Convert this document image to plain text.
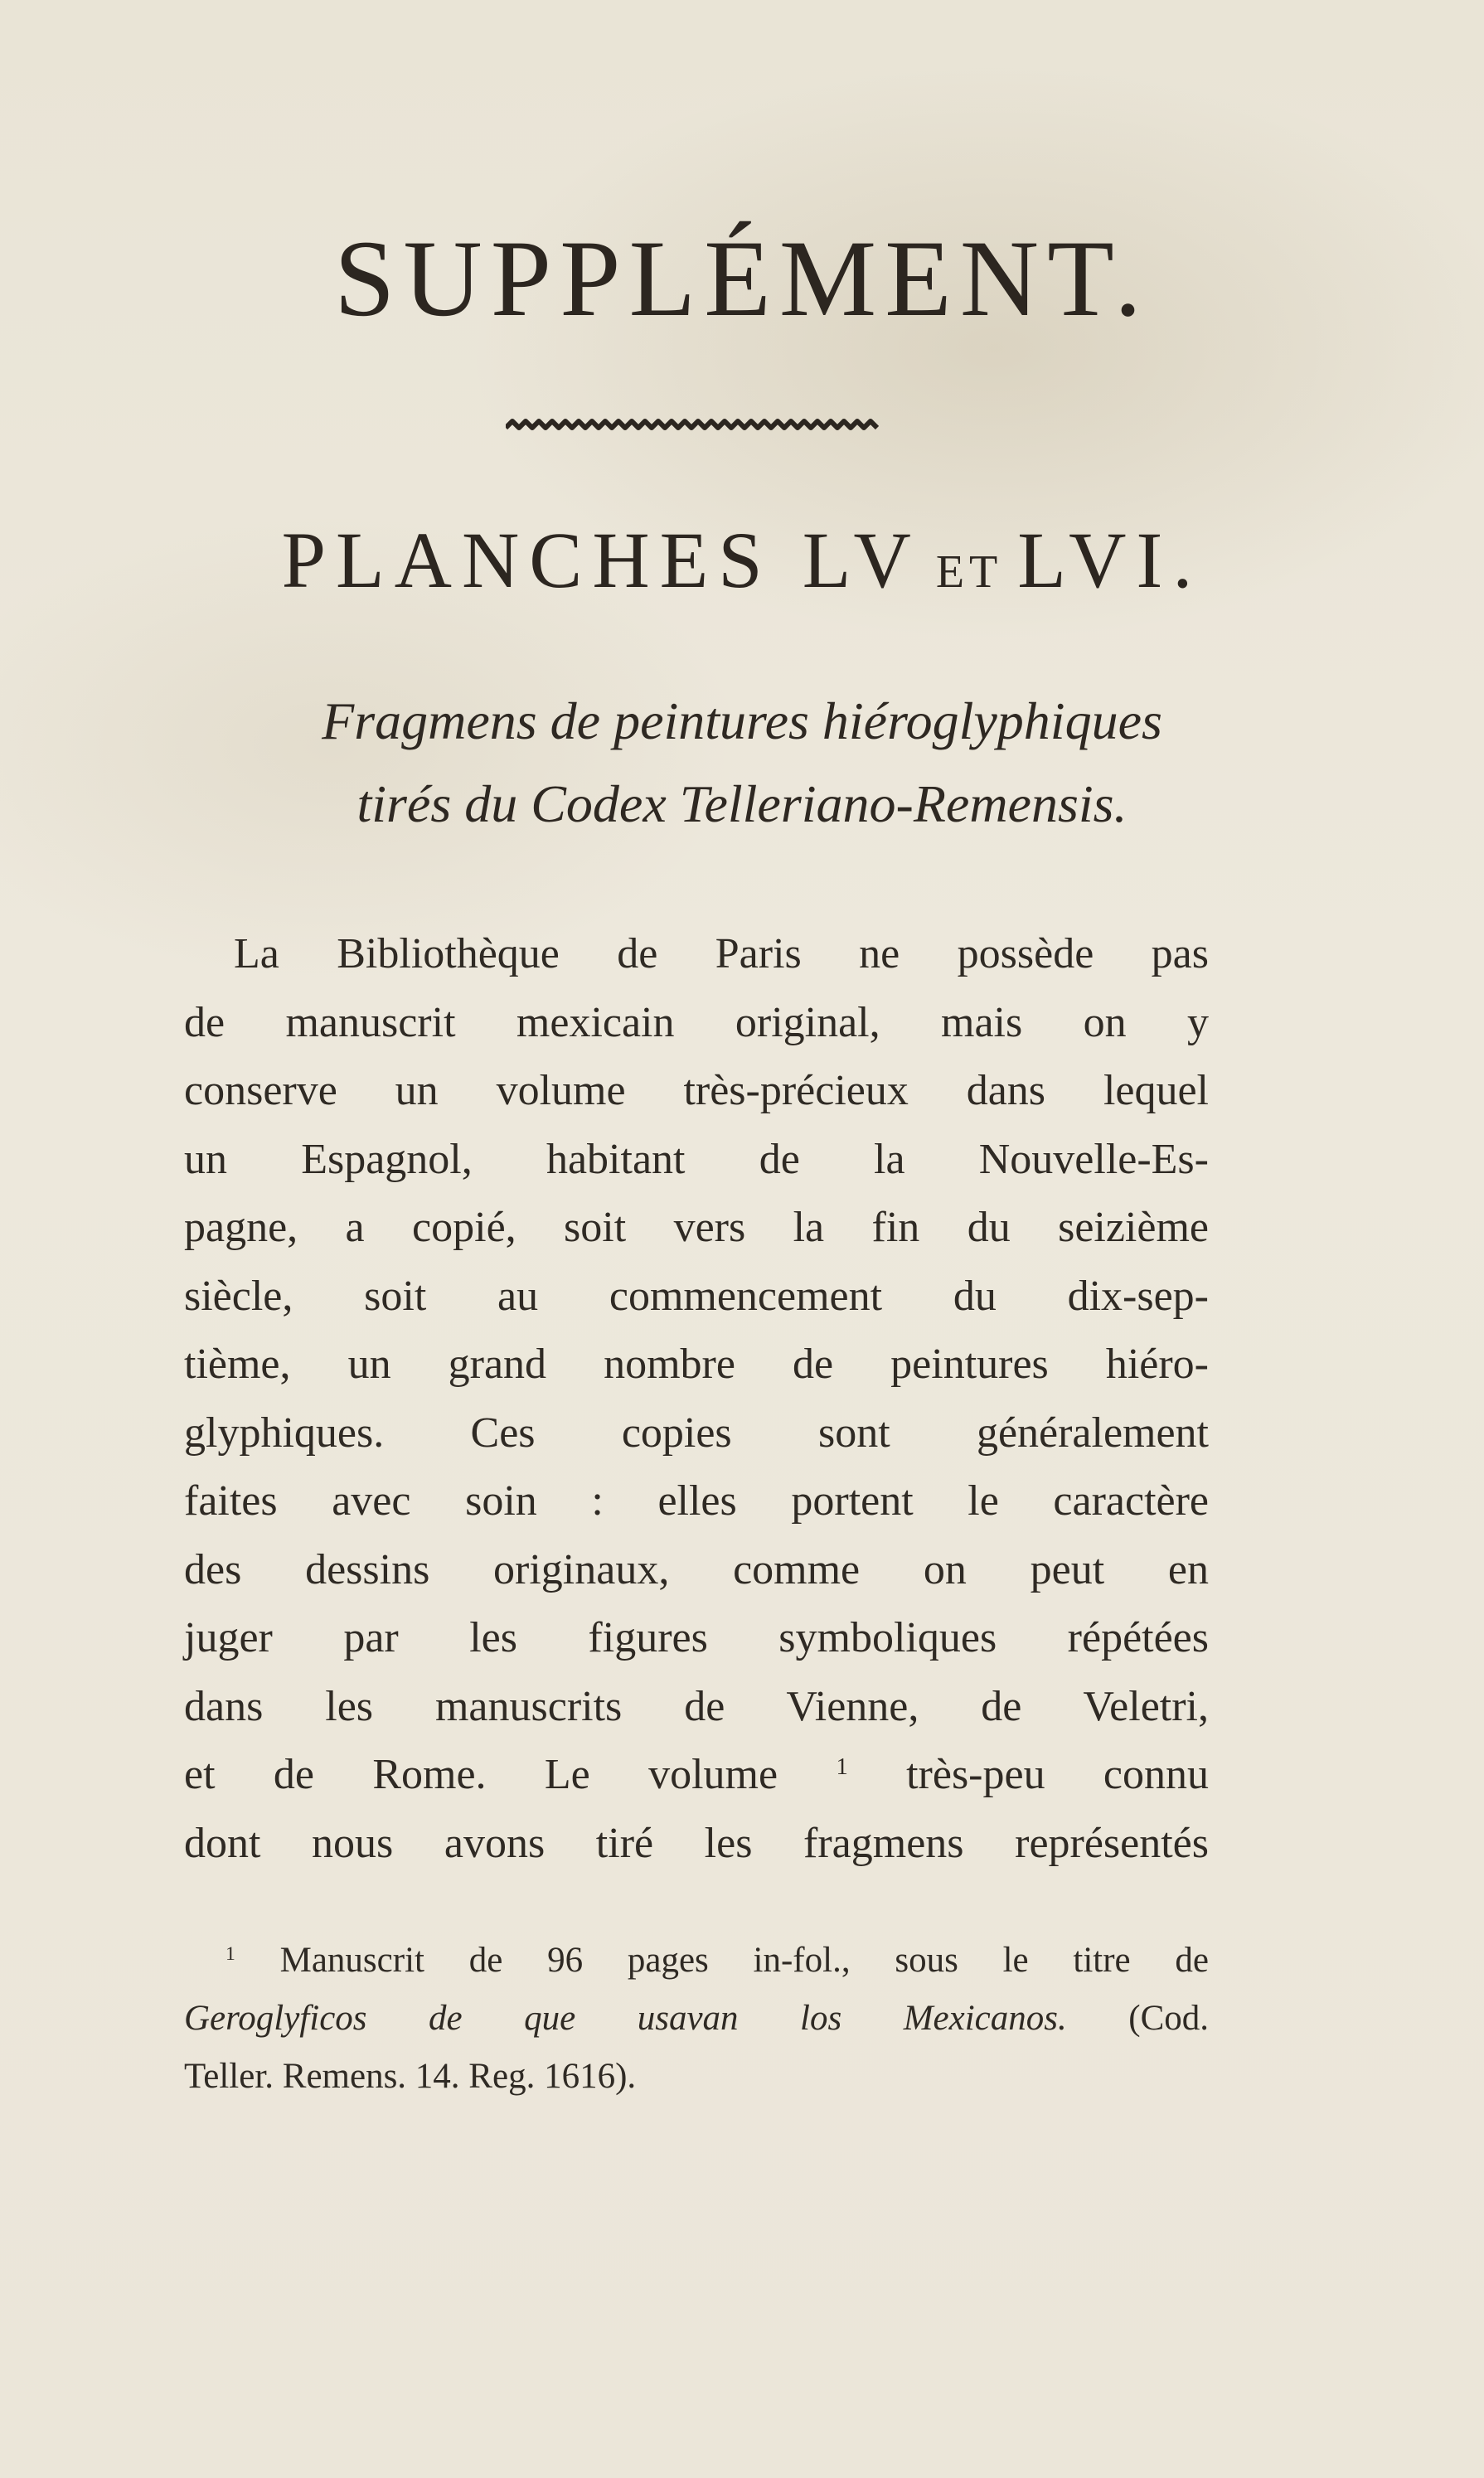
SUPPLÉMENT.
PLANCHES LV ET LVI.
Fragmens de peintures hiéroglyphiques
tirés du Codex Telleriano-Remensis.
La Bibliothèque de Paris ne possède pas
de manuscrit mexicain original, mais on y
conserve un volume très-précieux dans lequel
un Espagnol, habitant de la Nouvelle-Es-
pagne, a copié, soit vers la fin du seizième
siècle, soit au commencement du dix-sep-
tième, un grand nombre de peintures hiéro-
glyphiques. Ces copies sont généralement
faites avec soin : elles portent le caractère
des dessins originaux, comme on peut en
juger par les figures symboliques répétées
dans les manuscrits de Vienne, de Veletri,
et de Rome. Le volume $^1$ très-peu connu
dont nous avons tiré les fragmens représentés
$^1$ Manuscrit de 96 pages in-fol., sous le titre de
Geroglyficos de que usavan los Mexicanos. (Cod.
Teller. Remens. 14. Reg. 1616).
